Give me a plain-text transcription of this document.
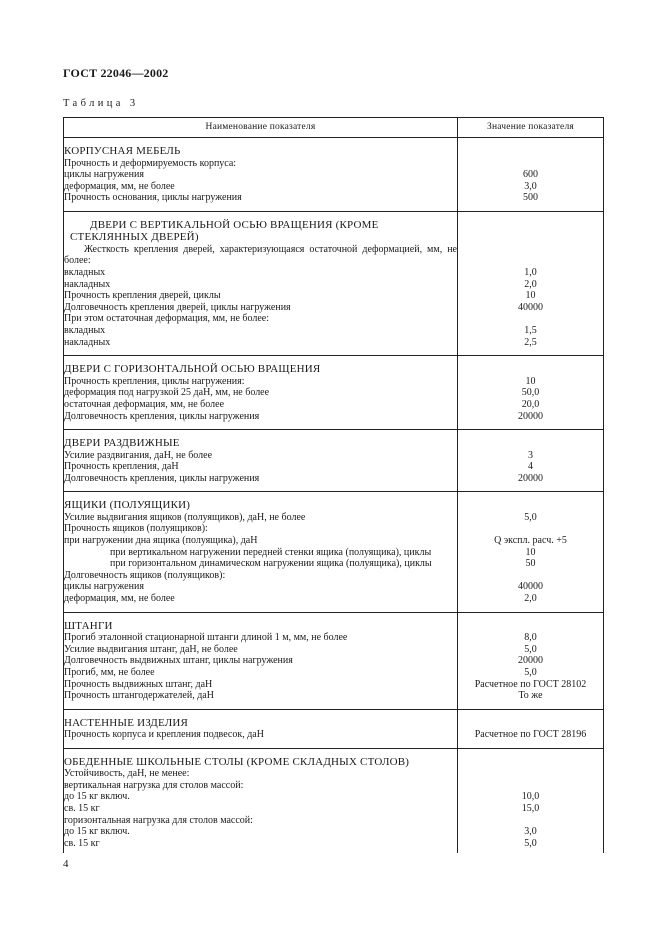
ГОСТ 22046—2002
Таблица 3
Наименование показателя	Значение показателя

КОРПУСНАЯ МЕБЕЛЬ	
Прочность и деформируемость корпуса:	
циклы нагружения	600
деформация, мм, не более	3,0
Прочность основания, циклы нагружения	500

ДВЕРИ С ВЕРТИКАЛЬНОЙ ОСЬЮ ВРАЩЕНИЯ (КРОМЕ СТЕКЛЯННЫХ ДВЕРЕЙ)	
Жесткость крепления дверей, характеризующаяся остаточной деформацией, мм, не более:	
вкладных	1,0
накладных	2,0
Прочность крепления дверей, циклы	10
Долговечность крепления дверей, циклы нагружения	40000
При этом остаточная деформация, мм, не более:	
вкладных	1,5
накладных	2,5

ДВЕРИ С ГОРИЗОНТАЛЬНОЙ ОСЬЮ ВРАЩЕНИЯ	
Прочность крепления, циклы нагружения:	10
деформация под нагрузкой 25 даН, мм, не более	50,0
остаточная деформация, мм, не более	20,0
Долговечность крепления, циклы нагружения	20000

ДВЕРИ РАЗДВИЖНЫЕ	
Усилие раздвигания, даН, не более	3
Прочность крепления, даН	4
Долговечность крепления, циклы нагружения	20000

ЯЩИКИ (ПОЛУЯЩИКИ)	
Усилие выдвигания ящиков (полуящиков), даН, не более	5,0
Прочность ящиков (полуящиков):	
при нагружении дна ящика (полуящика), даН	Q экспл. расч. +5
при вертикальном нагружении передней стенки ящика (полуящика), циклы	10
при горизонтальном динамическом нагружении ящика (полуящика), циклы	50
Долговечность ящиков (полуящиков):	
циклы нагружения	40000
деформация, мм, не более	2,0

ШТАНГИ	
Прогиб эталонной стационарной штанги длиной 1 м, мм, не более	8,0
Усилие выдвигания штанг, даН, не более	5,0
Долговечность выдвижных штанг, циклы нагружения	20000
Прогиб, мм, не более	5,0
Прочность выдвижных штанг, даН	Расчетное по ГОСТ 28102
Прочность штангодержателей, даН	То же

НАСТЕННЫЕ ИЗДЕЛИЯ	
Прочность корпуса и крепления подвесок, даН	Расчетное по ГОСТ 28196

ОБЕДЕННЫЕ ШКОЛЬНЫЕ СТОЛЫ (КРОМЕ СКЛАДНЫХ СТОЛОВ)	
Устойчивость, даН, не менее:	
вертикальная нагрузка для столов массой:	
до 15 кг включ.	10,0
св. 15 кг	15,0
горизонтальная нагрузка для столов массой:	
до 15 кг включ.	3,0
св. 15 кг	5,0

4
